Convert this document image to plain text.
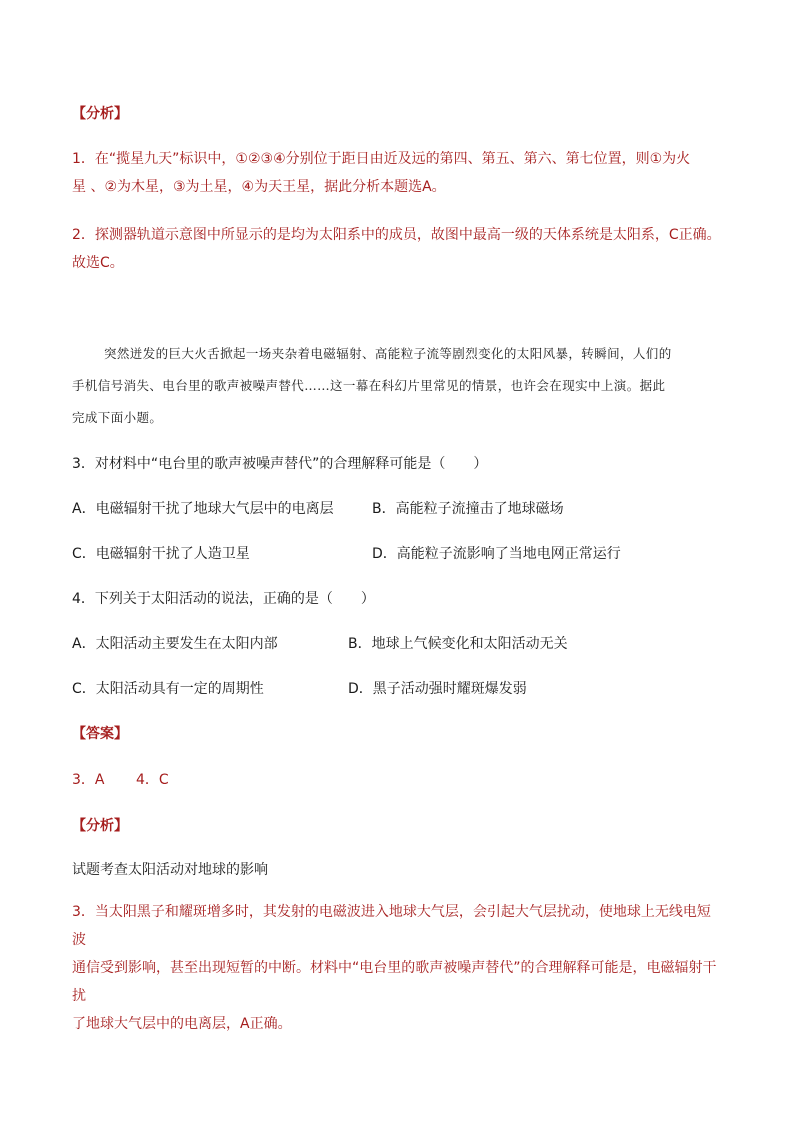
【分析】
1．在“揽星九天”标识中，①②③④分别位于距日由近及远的第四、第五、第六、第七位置，则①为火
星 、②为木星，③为土星，④为天王星，据此分析本题选A。
2．探测器轨道示意图中所显示的是均为太阳系中的成员，故图中最高一级的天体系统是太阳系，C正确。
故选C。
突然迸发的巨大火舌掀起一场夹杂着电磁辐射、高能粒子流等剧烈变化的太阳风暴，转瞬间，人们的
手机信号消失、电台里的歌声被噪声替代……这一幕在科幻片里常见的情景，也许会在现实中上演。据此
完成下面小题。
3．对材料中“电台里的歌声被噪声替代”的合理解释可能是（　　）
A．电磁辐射干扰了地球大气层中的电离层	B．高能粒子流撞击了地球磁场
C．电磁辐射干扰了人造卫星	D．高能粒子流影响了当地电网正常运行
4．下列关于太阳活动的说法，正确的是（　　）
A．太阳活动主要发生在太阳内部	B．地球上气候变化和太阳活动无关
C．太阳活动具有一定的周期性	D．黑子活动强时耀斑爆发弱
【答案】
3．A 4．C
【分析】
试题考查太阳活动对地球的影响
3．当太阳黑子和耀斑增多时，其发射的电磁波进入地球大气层，会引起大气层扰动，使地球上无线电短波
通信受到影响，甚至出现短暂的中断。材料中“电台里的歌声被噪声替代”的合理解释可能是，电磁辐射干扰
了地球大气层中的电离层，A正确。
